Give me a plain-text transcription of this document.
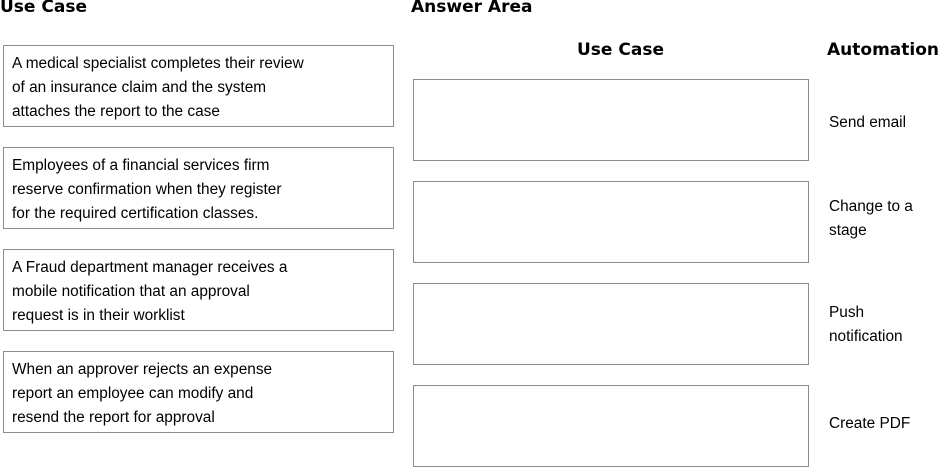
Use Case	Answer Area
Use Case	Automation
A medical specialist completes their review
of an insurance claim and the system
attaches the report to the case
Employees of a financial services firm
reserve confirmation when they register
for the required certification classes.
A Fraud department manager receives a
mobile notification that an approval
request is in their worklist
When an approver rejects an expense
report an employee can modify and
resend the report for approval
Send email
Change to a
stage
Push
notification
Create PDF
